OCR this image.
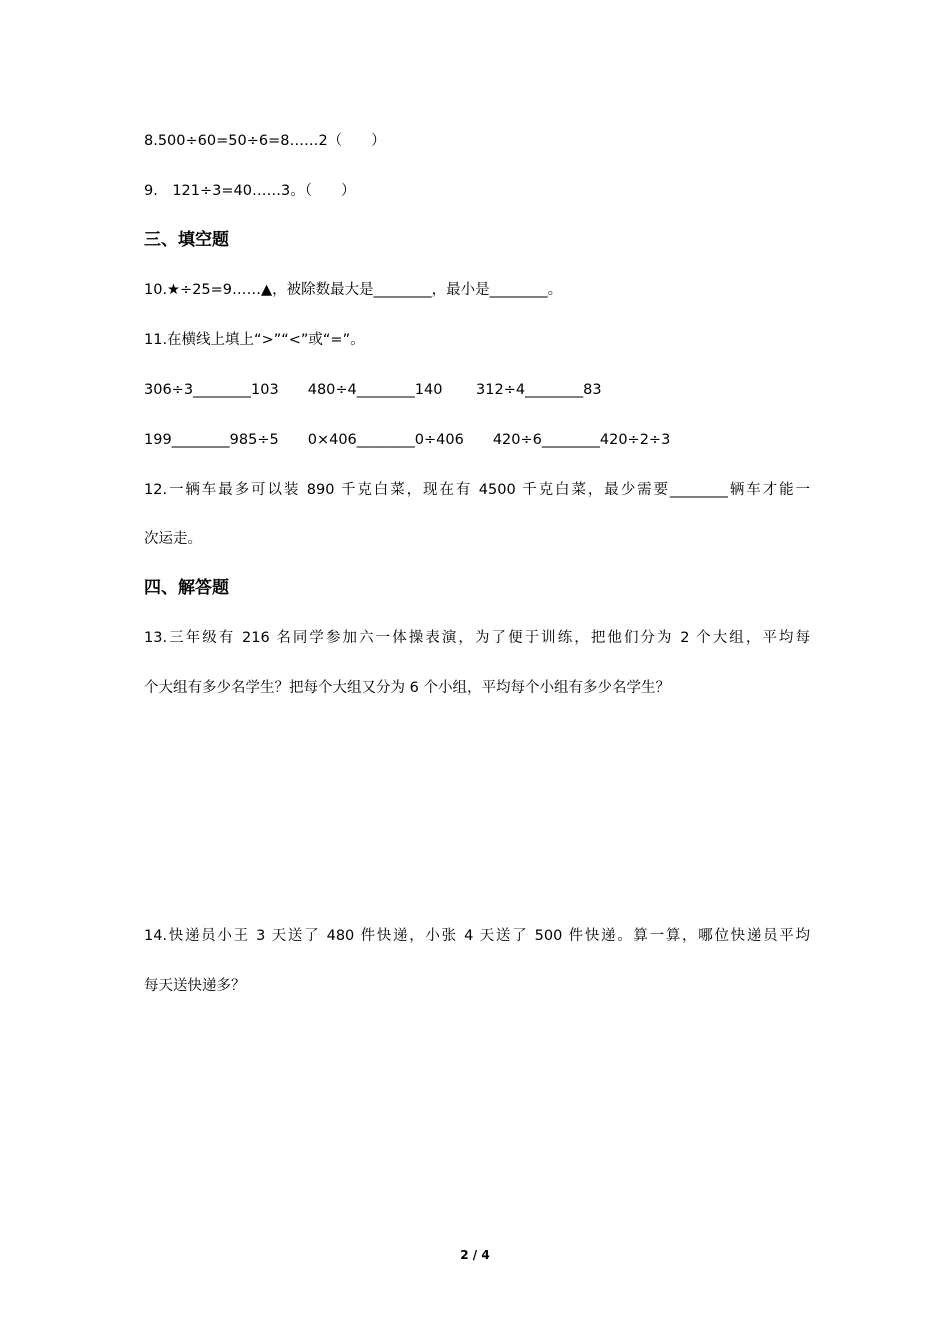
8.500÷60=50÷6=8……2（　　）
9.　121÷3=40……3。（　　）
三、填空题
10.★÷25=9……▲，被除数最大是________，最小是________。
11.在横线上填上“>”“<”或“=”。
306÷3________103　　480÷4________140　　 312÷4________83
199________985÷5　　0×406________0÷406　　420÷6________420÷2÷3
12.一辆车最多可以装 890 千克白菜，现在有 4500 千克白菜，最少需要________辆车才能一
次运走。
四、解答题
13.三年级有 216 名同学参加六一体操表演，为了便于训练，把他们分为 2 个大组，平均每
个大组有多少名学生？把每个大组又分为 6 个小组，平均每个小组有多少名学生？
14.快递员小王 3 天送了 480 件快递，小张 4 天送了 500 件快递。算一算，哪位快递员平均
每天送快递多？
2 / 4
